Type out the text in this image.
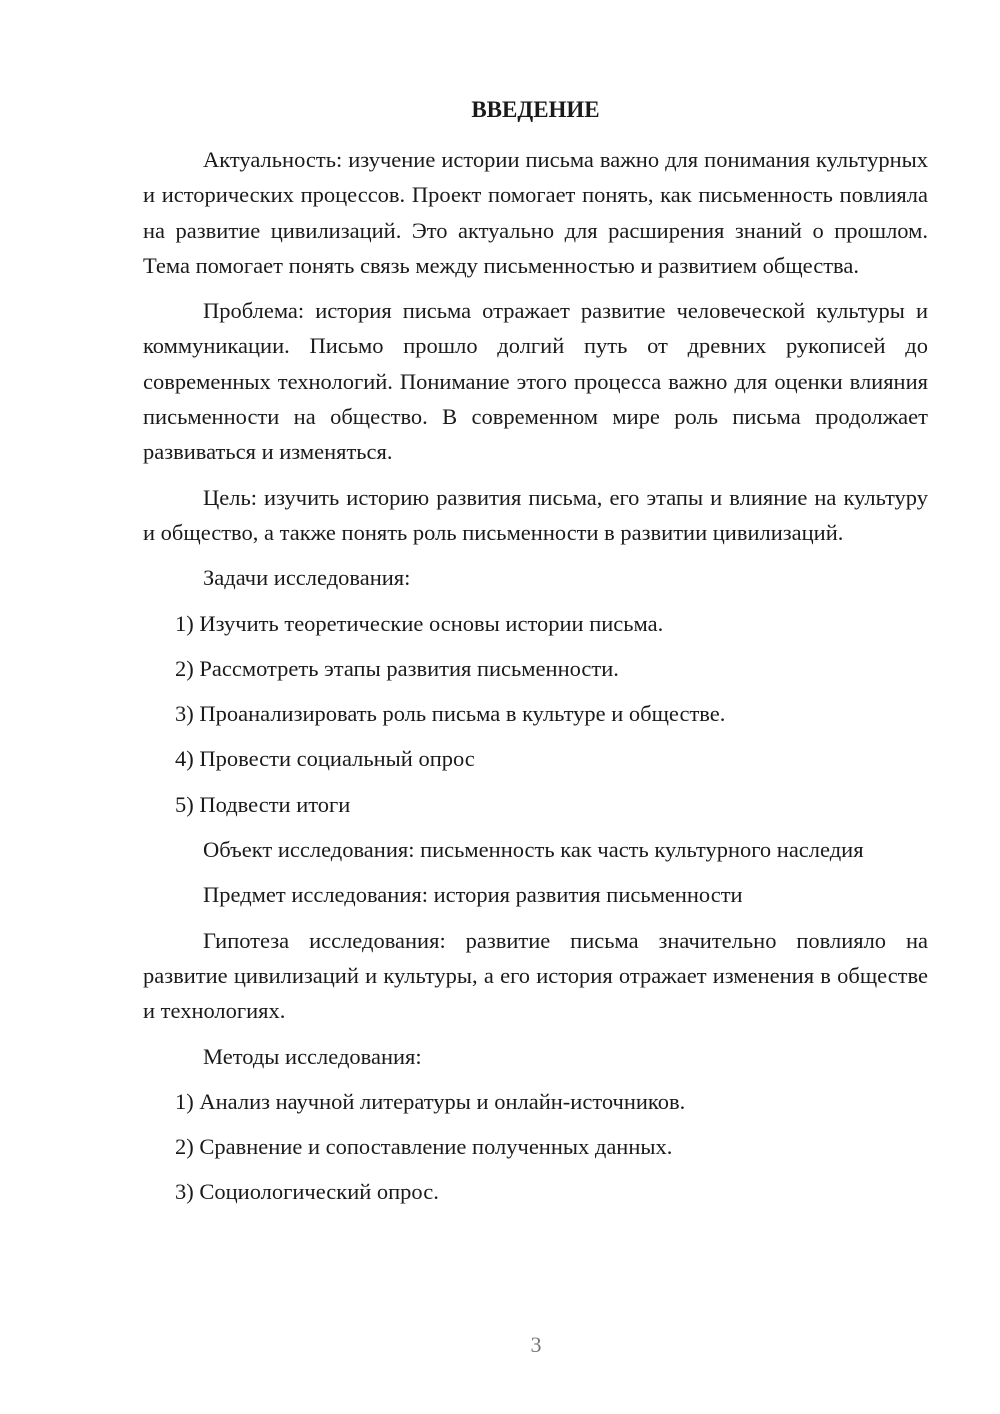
ВВЕДЕНИЕ

Актуальность: изучение истории письма важно для понимания культурных и исторических процессов. Проект помогает понять, как письменность повлияла на развитие цивилизаций. Это актуально для расширения знаний о прошлом. Тема помогает понять связь между письменностью и развитием общества.

Проблема: история письма отражает развитие человеческой культуры и коммуникации. Письмо прошло долгий путь от древних рукописей до современных технологий. Понимание этого процесса важно для оценки влияния письменности на общество. В современном мире роль письма продолжает развиваться и изменяться.

Цель: изучить историю развития письма, его этапы и влияние на культуру и общество, а также понять роль письменности в развитии цивилизаций.

Задачи исследования:

1) Изучить теоретические основы истории письма.
2) Рассмотреть этапы развития письменности.
3) Проанализировать роль письма в культуре и обществе.
4) Провести социальный опрос
5) Подвести итоги

Объект исследования: письменность как часть культурного наследия

Предмет исследования: история развития письменности

Гипотеза исследования: развитие письма значительно повлияло на развитие цивилизаций и культуры, а его история отражает изменения в обществе и технологиях.

Методы исследования:

1) Анализ научной литературы и онлайн-источников.
2) Сравнение и сопоставление полученных данных.
3) Социологический опрос.
3
